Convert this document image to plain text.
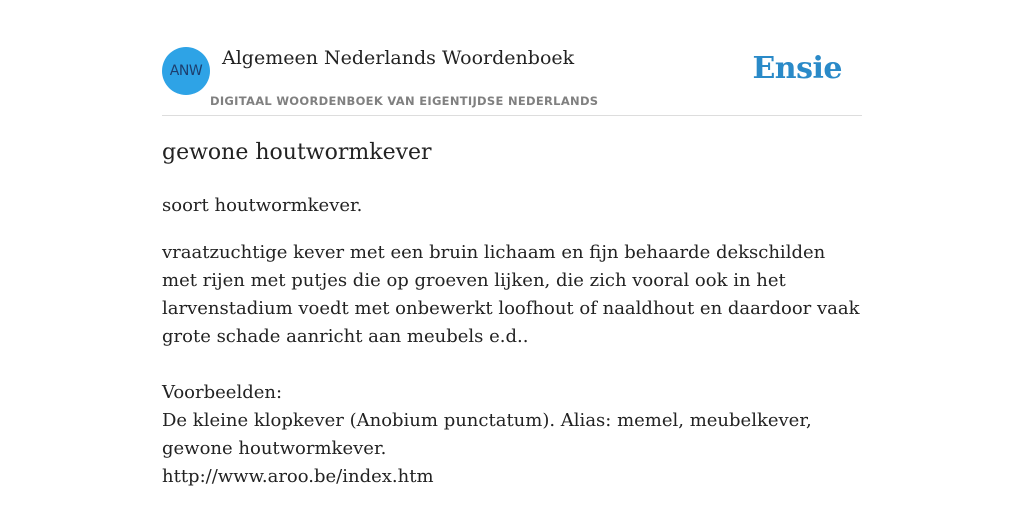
ANW
Algemeen Nederlands Woordenboek
DIGITAAL WOORDENBOEK VAN EIGENTIJDSE NEDERLANDS
Ensie
gewone houtwormkever
soort houtwormkever.
vraatzuchtige kever met een bruin lichaam en fijn behaarde dekschilden met rijen met putjes die op groeven lijken, die zich vooral ook in het larvenstadium voedt met onbewerkt loofhout of naaldhout en daardoor vaak grote schade aanricht aan meubels e.d..
Voorbeelden:
De kleine klopkever (Anobium punctatum). Alias: memel, meubelkever, gewone houtwormkever.
http://www.aroo.be/index.htm
